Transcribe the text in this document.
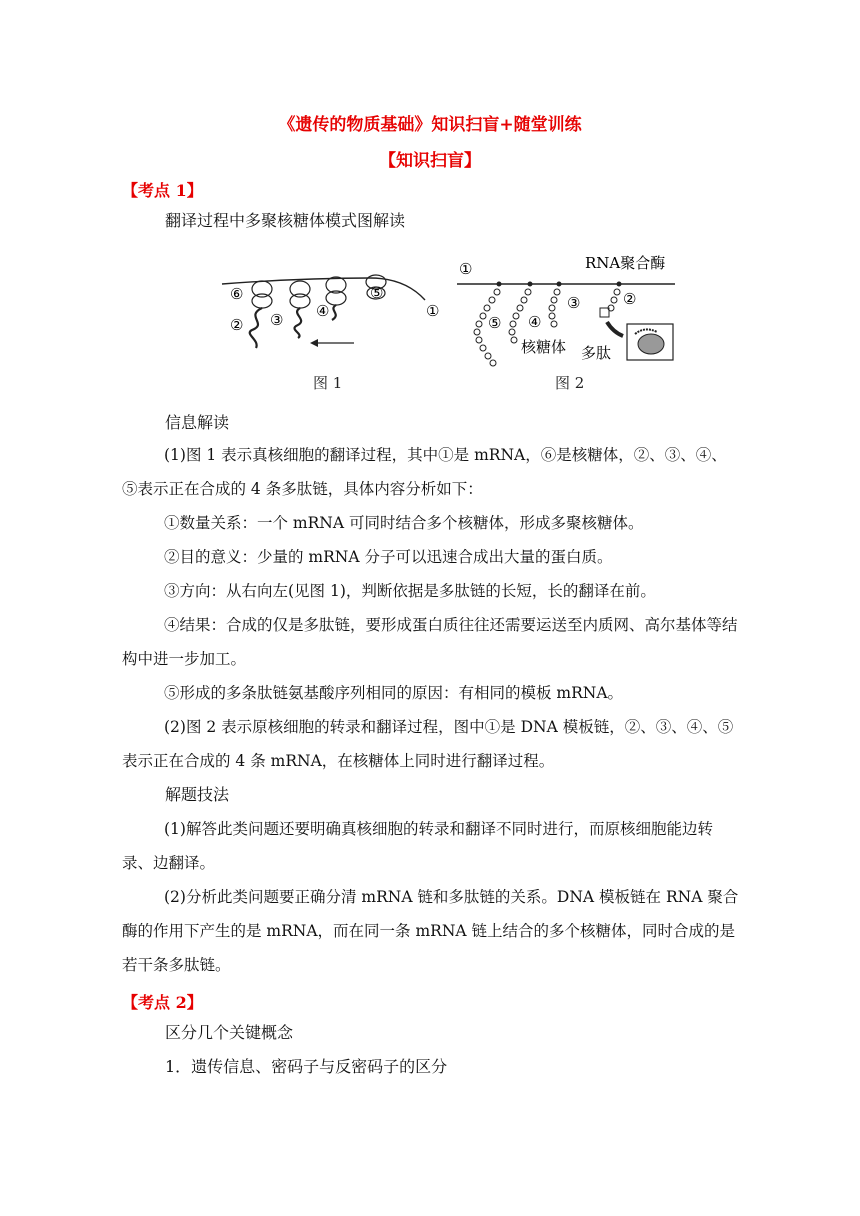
《遗传的物质基础》知识扫盲+随堂训练
【知识扫盲】
【考点 1】
翻译过程中多聚核糖体模式图解读
⑥
② ③ ④
⑤
①
图 1
①	RNA聚合酶
②
③
④
⑤
核糖体 多肽
图 2
信息解读

(1)图 1 表示真核细胞的翻译过程，其中①是 mRNA，⑥是核糖体，②、③、④、⑤表示正在合成的 4 条多肽链，具体内容分析如下：

①数量关系：一个 mRNA 可同时结合多个核糖体，形成多聚核糖体。

②目的意义：少量的 mRNA 分子可以迅速合成出大量的蛋白质。

③方向：从右向左(见图 1)，判断依据是多肽链的长短，长的翻译在前。

④结果：合成的仅是多肽链，要形成蛋白质往往还需要运送至内质网、高尔基体等结构中进一步加工。

⑤形成的多条肽链氨基酸序列相同的原因：有相同的模板 mRNA。

(2)图 2 表示原核细胞的转录和翻译过程，图中①是 DNA 模板链，②、③、④、⑤表示正在合成的 4 条 mRNA，在核糖体上同时进行翻译过程。

解题技法

(1)解答此类问题还要明确真核细胞的转录和翻译不同时进行，而原核细胞能边转录、边翻译。

(2)分析此类问题要正确分清 mRNA 链和多肽链的关系。DNA 模板链在 RNA 聚合酶的作用下产生的是 mRNA，而在同一条 mRNA 链上结合的多个核糖体，同时合成的是若干条多肽链。

【考点 2】
区分几个关键概念
1．遗传信息、密码子与反密码子的区分
